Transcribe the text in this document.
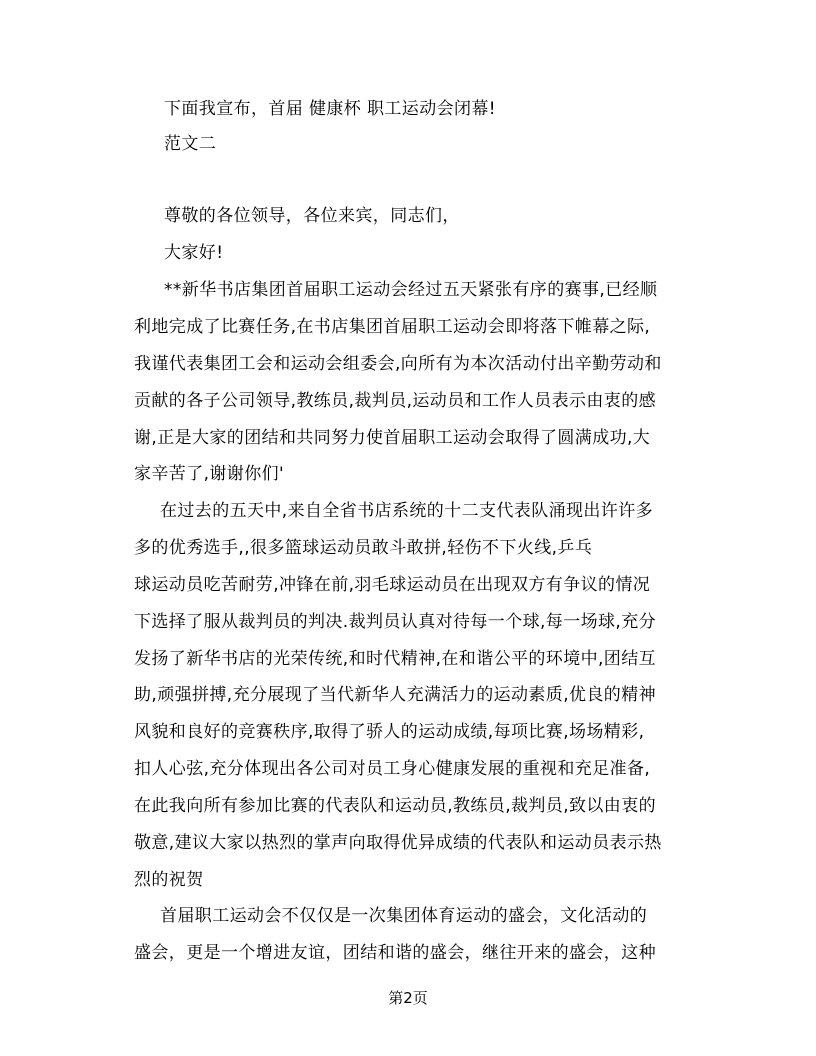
下面我宣布，首届 健康杯 职工运动会闭幕!
范文二
尊敬的各位领导，各位来宾，同志们，
大家好!
**新华书店集团首届职工运动会经过五天紧张有序的赛事,已经顺
利地完成了比赛任务,在书店集团首届职工运动会即将落下帷幕之际,
我谨代表集团工会和运动会组委会,向所有为本次活动付出辛勤劳动和
贡献的各子公司领导,教练员,裁判员,运动员和工作人员表示由衷的感
谢,正是大家的团结和共同努力使首届职工运动会取得了圆满成功,大
家辛苦了,谢谢你们'
在过去的五天中,来自全省书店系统的十二支代表队涌现出许许多
多的优秀选手,,很多篮球运动员敢斗敢拼,轻伤不下火线,乒乓
球运动员吃苦耐劳,冲锋在前,羽毛球运动员在出现双方有争议的情况
下选择了服从裁判员的判决.裁判员认真对待每一个球,每一场球,充分
发扬了新华书店的光荣传统,和时代精神,在和谐公平的环境中,团结互
助,顽强拼搏,充分展现了当代新华人充满活力的运动素质,优良的精神
风貌和良好的竞赛秩序,取得了骄人的运动成绩,每项比赛,场场精彩,
扣人心弦,充分体现出各公司对员工身心健康发展的重视和充足准备,
在此我向所有参加比赛的代表队和运动员,教练员,裁判员,致以由衷的
敬意,建议大家以热烈的掌声向取得优异成绩的代表队和运动员表示热
烈的祝贺
首届职工运动会不仅仅是一次集团体育运动的盛会，文化活动的
盛会，更是一个增进友谊，团结和谐的盛会，继往开来的盛会，这种
第2页
